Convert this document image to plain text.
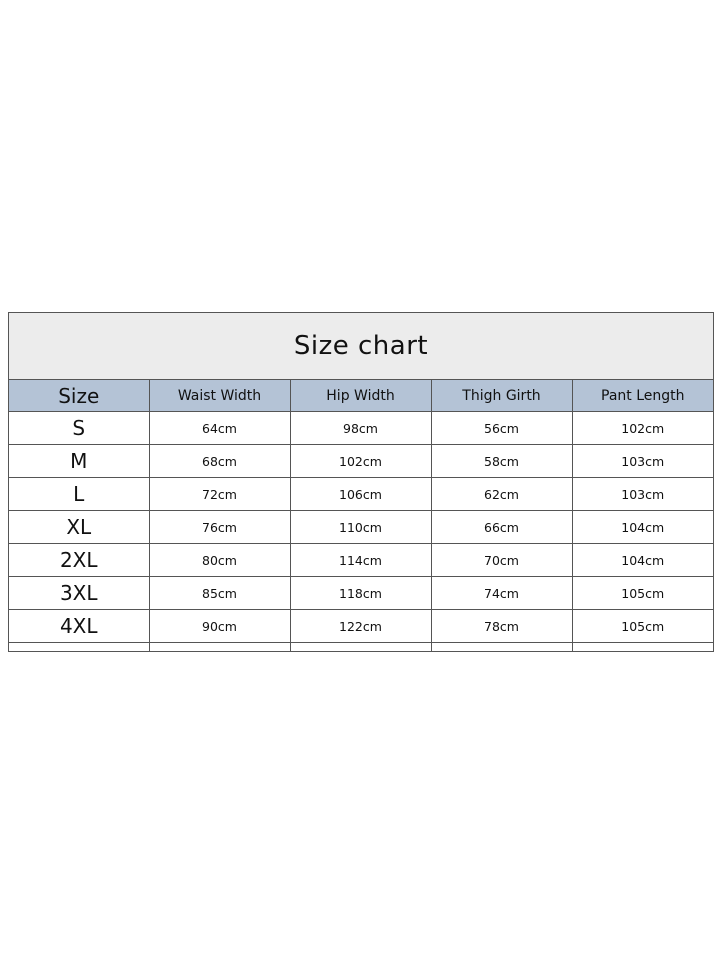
Size chart
Size	Waist Width	Hip Width	Thigh Girth	Pant Length
S	64cm	98cm	56cm	102cm
M	68cm	102cm	58cm	103cm
L	72cm	106cm	62cm	103cm
XL	76cm	110cm	66cm	104cm
2XL	80cm	114cm	70cm	104cm
3XL	85cm	118cm	74cm	105cm
4XL	90cm	122cm	78cm	105cm
